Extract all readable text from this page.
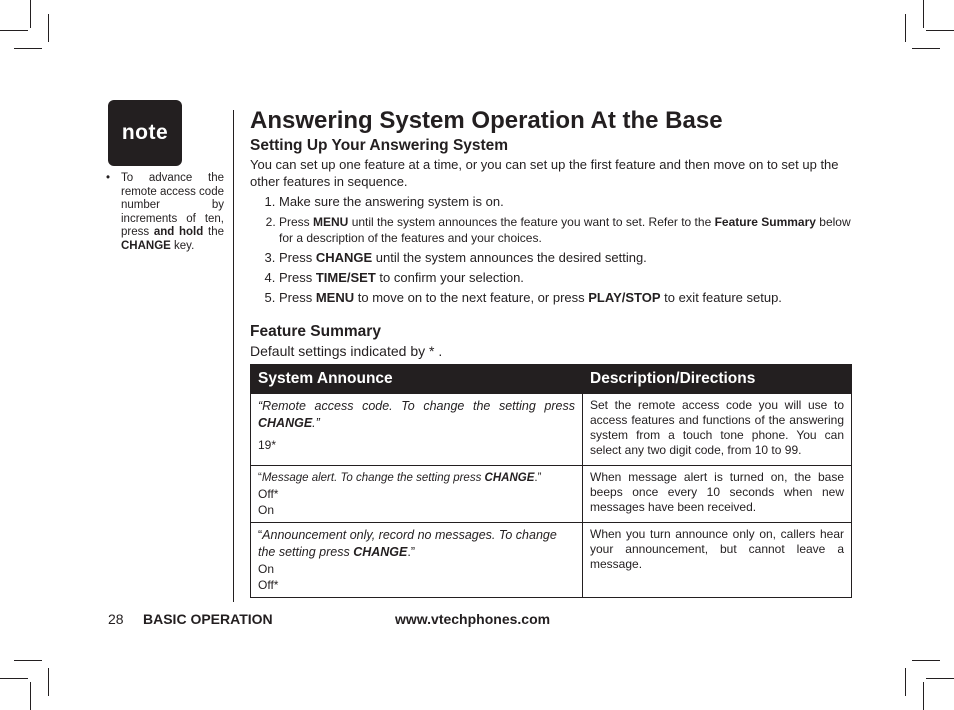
note
• To advance the remote access code number by increments of ten, press and hold the CHANGE key.
Answering System Operation At the Base
Setting Up Your Answering System

You can set up one feature at a time, or you can set up the first feature and then move on to set up the other features in sequence.

1. Make sure the answering system is on.
2. Press MENU until the system announces the feature you want to set. Refer to the Feature Summary below for a description of the features and your choices.
3. Press CHANGE until the system announces the desired setting.
4. Press TIME/SET to confirm your selection.
5. Press MENU to move on to the next feature, or press PLAY/STOP to exit feature setup.
Feature Summary

Default settings indicated by * .

System Announce	Description/Directions

“Remote access code. To change the setting press CHANGE.”
19*	Set the remote access code you will use to access features and functions of the answering system from a touch tone phone. You can select any two digit code, from 10 to 99.

“Message alert. To change the setting press CHANGE.”
Off*
On	When message alert is turned on, the base beeps once every 10 seconds when new messages have been received.

“Announcement only, record no messages. To change the setting press CHANGE.”
On
Off*	When you turn announce only on, callers hear your announcement, but cannot leave a message.
28 BASIC OPERATION	www.vtechphones.com
